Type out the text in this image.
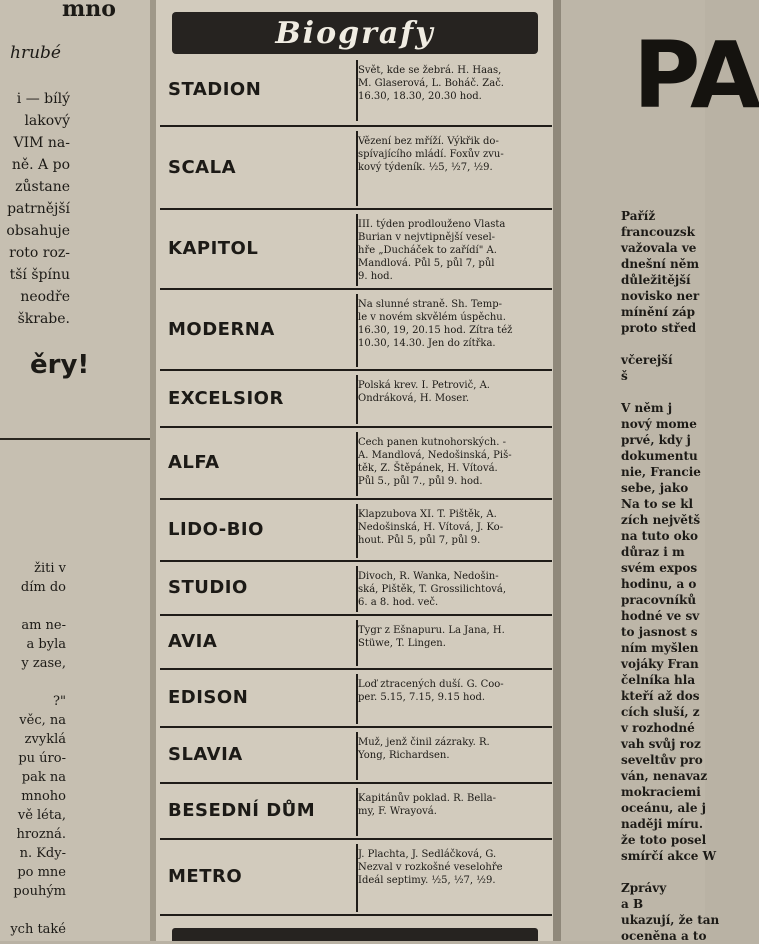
mno
hrubé
i — bílý
lakový
VIM na-
ně. A po
zůstane
patrnější
obsahuje
roto roz-
tší špínu
neodře
škrabe.
ěry!
žiti v
dím do
am ne-
a byla
y zase,
?"
věc, na
zvyklá
pu úro-
pak na
mnoho
vě léta,
hrozná.
n. Kdy-
po mne
pouhým
ych také
Biografy
STADION
Svět, kde se žebrá. H. Haas,
M. Glaserová, L. Boháč. Zač.
16.30, 18.30, 20.30 hod.
SCALA
Vězení bez mříží. Výkřik do-
spívajícího mládí. Foxův zvu-
kový týdeník. ½5, ½7, ½9.
KAPITOL
III. týden prodlouženo Vlasta
Burian v nejvtipnější vesel-
hře „Ducháček to zařídí" A.
Mandlová. Půl 5, půl 7, půl
9. hod.
MODERNA
Na slunné straně. Sh. Temp-
le v novém skvělém úspěchu.
16.30, 19, 20.15 hod. Zítra též
10.30, 14.30. Jen do zítřka.
EXCELSIOR
Polská krev. I. Petrovič, A.
Ondráková, H. Moser.
ALFA
Cech panen kutnohorských. -
A. Mandlová, Nedošinská, Piš-
těk, Z. Štěpánek, H. Vítová.
Půl 5., půl 7., půl 9. hod.
LIDO-BIO
Klapzubova XI. T. Pištěk, A.
Nedošinská, H. Vítová, J. Ko-
hout. Půl 5, půl 7, půl 9.
STUDIO
Divoch, R. Wanka, Nedošin-
ská, Pištěk, T. Grossilichtová,
6. a 8. hod. več.
AVIA
Tygr z Ešnapuru. La Jana, H.
Stüwe, T. Lingen.
EDISON
Loď ztracených duší. G. Coo-
per. 5.15, 7.15, 9.15 hod.
SLAVIA
Muž, jenž činil zázraky. R.
Yong, Richardsen.
BESEDNÍ DŮM
Kapitánův poklad. R. Bella-
my, F. Wrayová.
METRO
J. Plachta, J. Sedláčková, G.
Nezval v rozkošné veselohře
Ideál septimy. ½5, ½7, ½9.
PA
Paříž
francouzsk
važovala ve
dnešní něm
důležitější
novisko ner
mínění záp
proto střed
včerejší
š
V něm j
nový mome
prvé, kdy j
dokumentu
nie, Francie
sebe, jako
Na to se kl
zích největš
na tuto oko
důraz i m
svém expos
hodinu, a o
pracovníků
hodné ve sv
to jasnost s
ním myšlen
vojáky Fran
čelníka hla
kteří až dos
cích sluší, z
v rozhodné
vah svůj roz
seveltův pro
ván, nenavaz
mokraciemi
oceánu, ale j
naději míru.
že toto posel
smírčí akce W
Zprávy
a B
ukazují, že tan
oceněna a to
